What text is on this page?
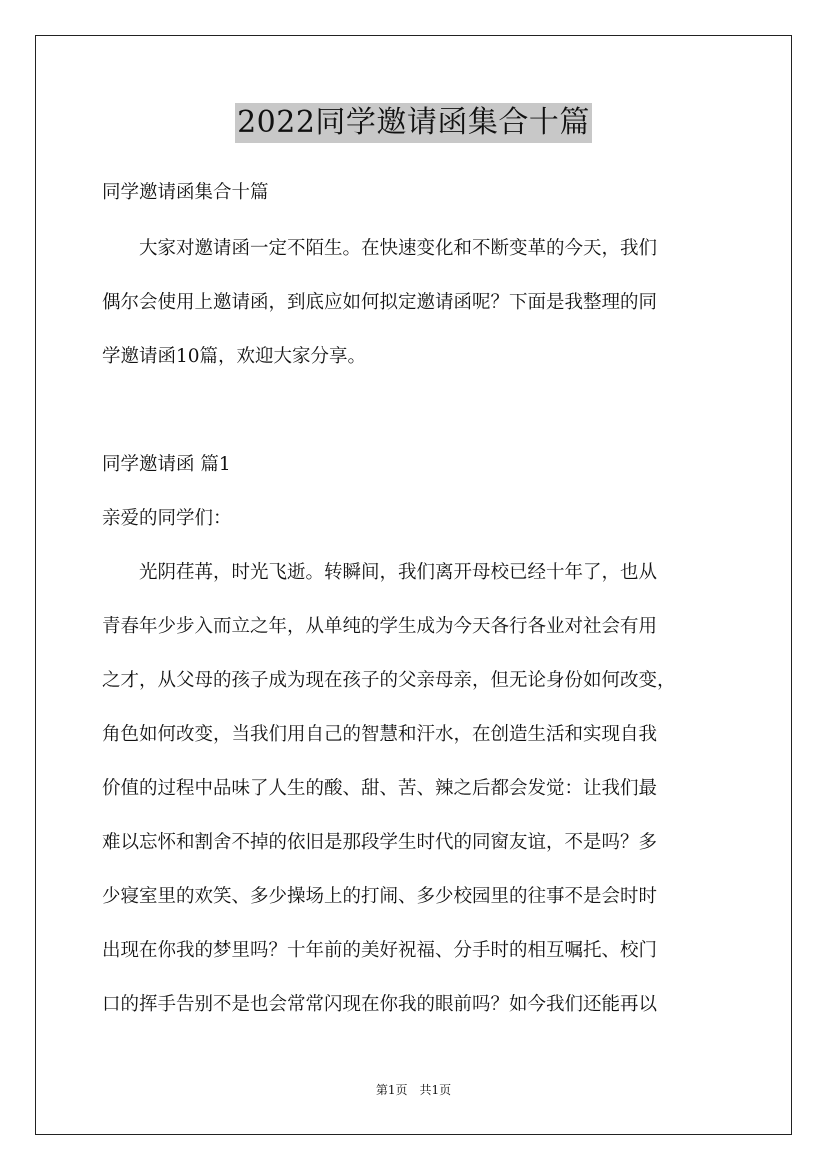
2022同学邀请函集合十篇
同学邀请函集合十篇
　　大家对邀请函一定不陌生。在快速变化和不断变革的今天，我们
偶尔会使用上邀请函，到底应如何拟定邀请函呢？下面是我整理的同
学邀请函10篇，欢迎大家分享。
同学邀请函 篇1
亲爱的同学们：
　　光阴荏苒，时光飞逝。转瞬间，我们离开母校已经十年了，也从
青春年少步入而立之年，从单纯的学生成为今天各行各业对社会有用
之才，从父母的孩子成为现在孩子的父亲母亲，但无论身份如何改变，
角色如何改变，当我们用自己的智慧和汗水，在创造生活和实现自我
价值的过程中品味了人生的酸、甜、苦、辣之后都会发觉：让我们最
难以忘怀和割舍不掉的依旧是那段学生时代的同窗友谊，不是吗？多
少寝室里的欢笑、多少操场上的打闹、多少校园里的往事不是会时时
出现在你我的梦里吗？十年前的美好祝福、分手时的相互嘱托、校门
口的挥手告别不是也会常常闪现在你我的眼前吗？如今我们还能再以
第1页　共1页
